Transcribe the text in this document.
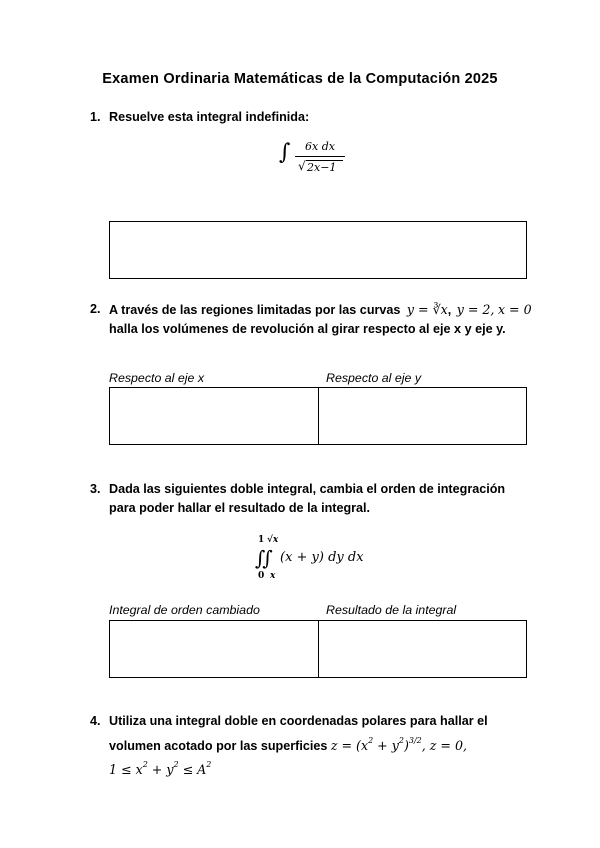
Examen Ordinaria Matemáticas de la Computación 2025
1. Resuelve esta integral indefinida:
∫ 6x dx
√ 2x−1
2. A través de las regiones limitadas por las curvas y = ∛x, y = 2, x = 0 halla los volúmenes de revolución al girar respecto al eje x y eje y.
Respecto al eje x	Respecto al eje y
3. Dada las siguientes doble integral, cambia el orden de integración para poder hallar el resultado de la integral.
1 √x
∫∫ (x + y) dy dx
0 x
Integral de orden cambiado	Resultado de la integral
4. Utiliza una integral doble en coordenadas polares para hallar el
volumen acotado por las superficies $z = (x^2 + y^2)^{3/2}$, z = 0,
$1 \le x^2 + y^2 \le A^2$
